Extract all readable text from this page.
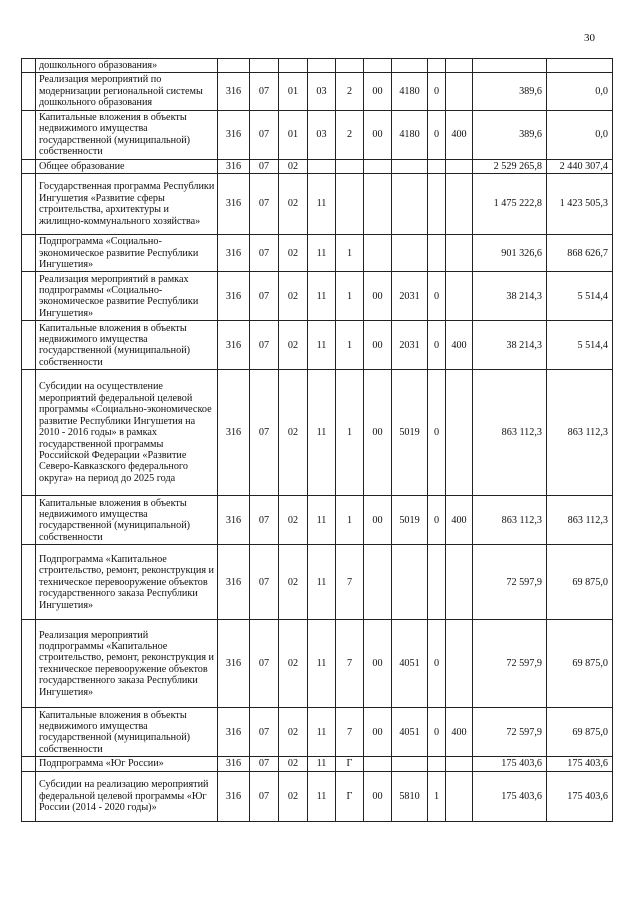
30
	дошкольного образования»											
	Реализация мероприятий по модернизации региональной системы дошкольного образования	316	07	01	03	2	00	4180	0		389,6	0,0
	Капитальные вложения в объекты недвижимого имущества государственной (муниципальной) собственности	316	07	01	03	2	00	4180	0	400	389,6	0,0
	Общее образование	316	07	02							2 529 265,8	2 440 307,4
	Государственная программа Республики Ингушетия «Развитие сферы строительства, архитектуры и жилищно-коммунального хозяйства»	316	07	02	11						1 475 222,8	1 423 505,3
	Подпрограмма «Социально-экономическое развитие Республики Ингушетия»	316	07	02	11	1					901 326,6	868 626,7
	Реализация мероприятий в рамках подпрограммы «Социально-экономическое развитие Республики Ингушетия»	316	07	02	11	1	00	2031	0		38 214,3	5 514,4
	Капитальные вложения в объекты недвижимого имущества государственной (муниципальной) собственности	316	07	02	11	1	00	2031	0	400	38 214,3	5 514,4
	Субсидии на осуществление мероприятий федеральной целевой программы «Социально-экономическое развитие Республики Ингушетия на 2010 - 2016 годы» в рамках государственной программы Российской Федерации «Развитие Северо-Кавказского федерального округа» на период до 2025 года	316	07	02	11	1	00	5019	0		863 112,3	863 112,3
	Капитальные вложения в объекты недвижимого имущества государственной (муниципальной) собственности	316	07	02	11	1	00	5019	0	400	863 112,3	863 112,3
	Подпрограмма «Капитальное строительство, ремонт, реконструкция и техническое перевооружение объектов государственного заказа Республики Ингушетия»	316	07	02	11	7					72 597,9	69 875,0
	Реализация мероприятий подпрограммы «Капитальное строительство, ремонт, реконструкция и техническое перевооружение объектов государственного заказа Республики Ингушетия»	316	07	02	11	7	00	4051	0		72 597,9	69 875,0
	Капитальные вложения в объекты недвижимого имущества государственной (муниципальной) собственности	316	07	02	11	7	00	4051	0	400	72 597,9	69 875,0
	Подпрограмма «Юг России»	316	07	02	11	Г					175 403,6	175 403,6
	Субсидии на реализацию мероприятий федеральной целевой программы «Юг России (2014 - 2020 годы)»	316	07	02	11	Г	00	5810	1		175 403,6	175 403,6
